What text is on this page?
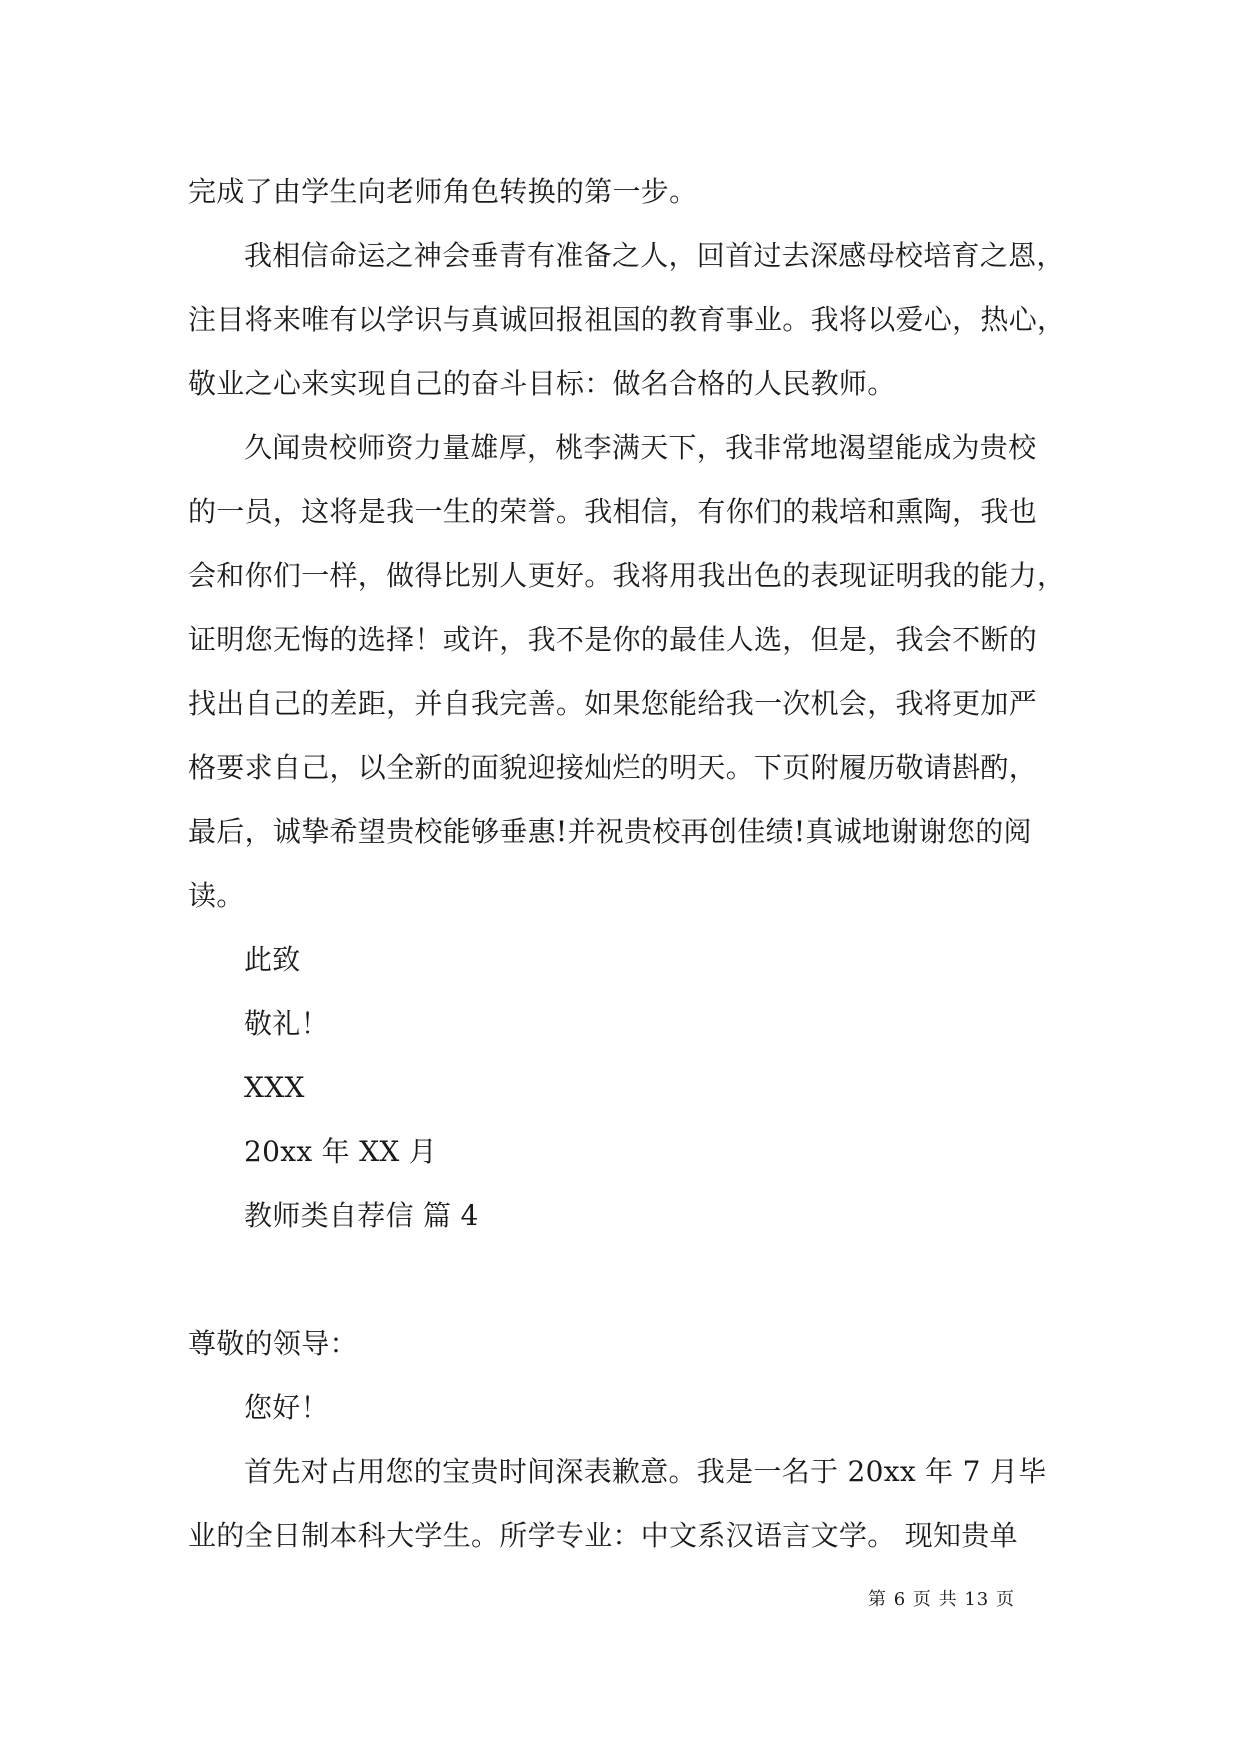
完成了由学生向老师角色转换的第一步。
我相信命运之神会垂青有准备之人，回首过去深感母校培育之恩，
注目将来唯有以学识与真诚回报祖国的教育事业。我将以爱心，热心，
敬业之心来实现自己的奋斗目标：做名合格的人民教师。
久闻贵校师资力量雄厚，桃李满天下，我非常地渴望能成为贵校
的一员，这将是我一生的荣誉。我相信，有你们的栽培和熏陶，我也
会和你们一样，做得比别人更好。我将用我出色的表现证明我的能力，
证明您无悔的选择！或许，我不是你的最佳人选，但是，我会不断的
找出自己的差距，并自我完善。如果您能给我一次机会，我将更加严
格要求自己，以全新的面貌迎接灿烂的明天。下页附履历敬请斟酌，
最后，诚挚希望贵校能够垂惠!并祝贵校再创佳绩!真诚地谢谢您的阅
读。
此致
敬礼！
XXX
20xx 年 XX 月
教师类自荐信 篇 4
尊敬的领导：
您好！
首先对占用您的宝贵时间深表歉意。我是一名于 20xx 年 7 月毕
业的全日制本科大学生。所学专业：中文系汉语言文学。 现知贵单
第 6 页 共 13 页
